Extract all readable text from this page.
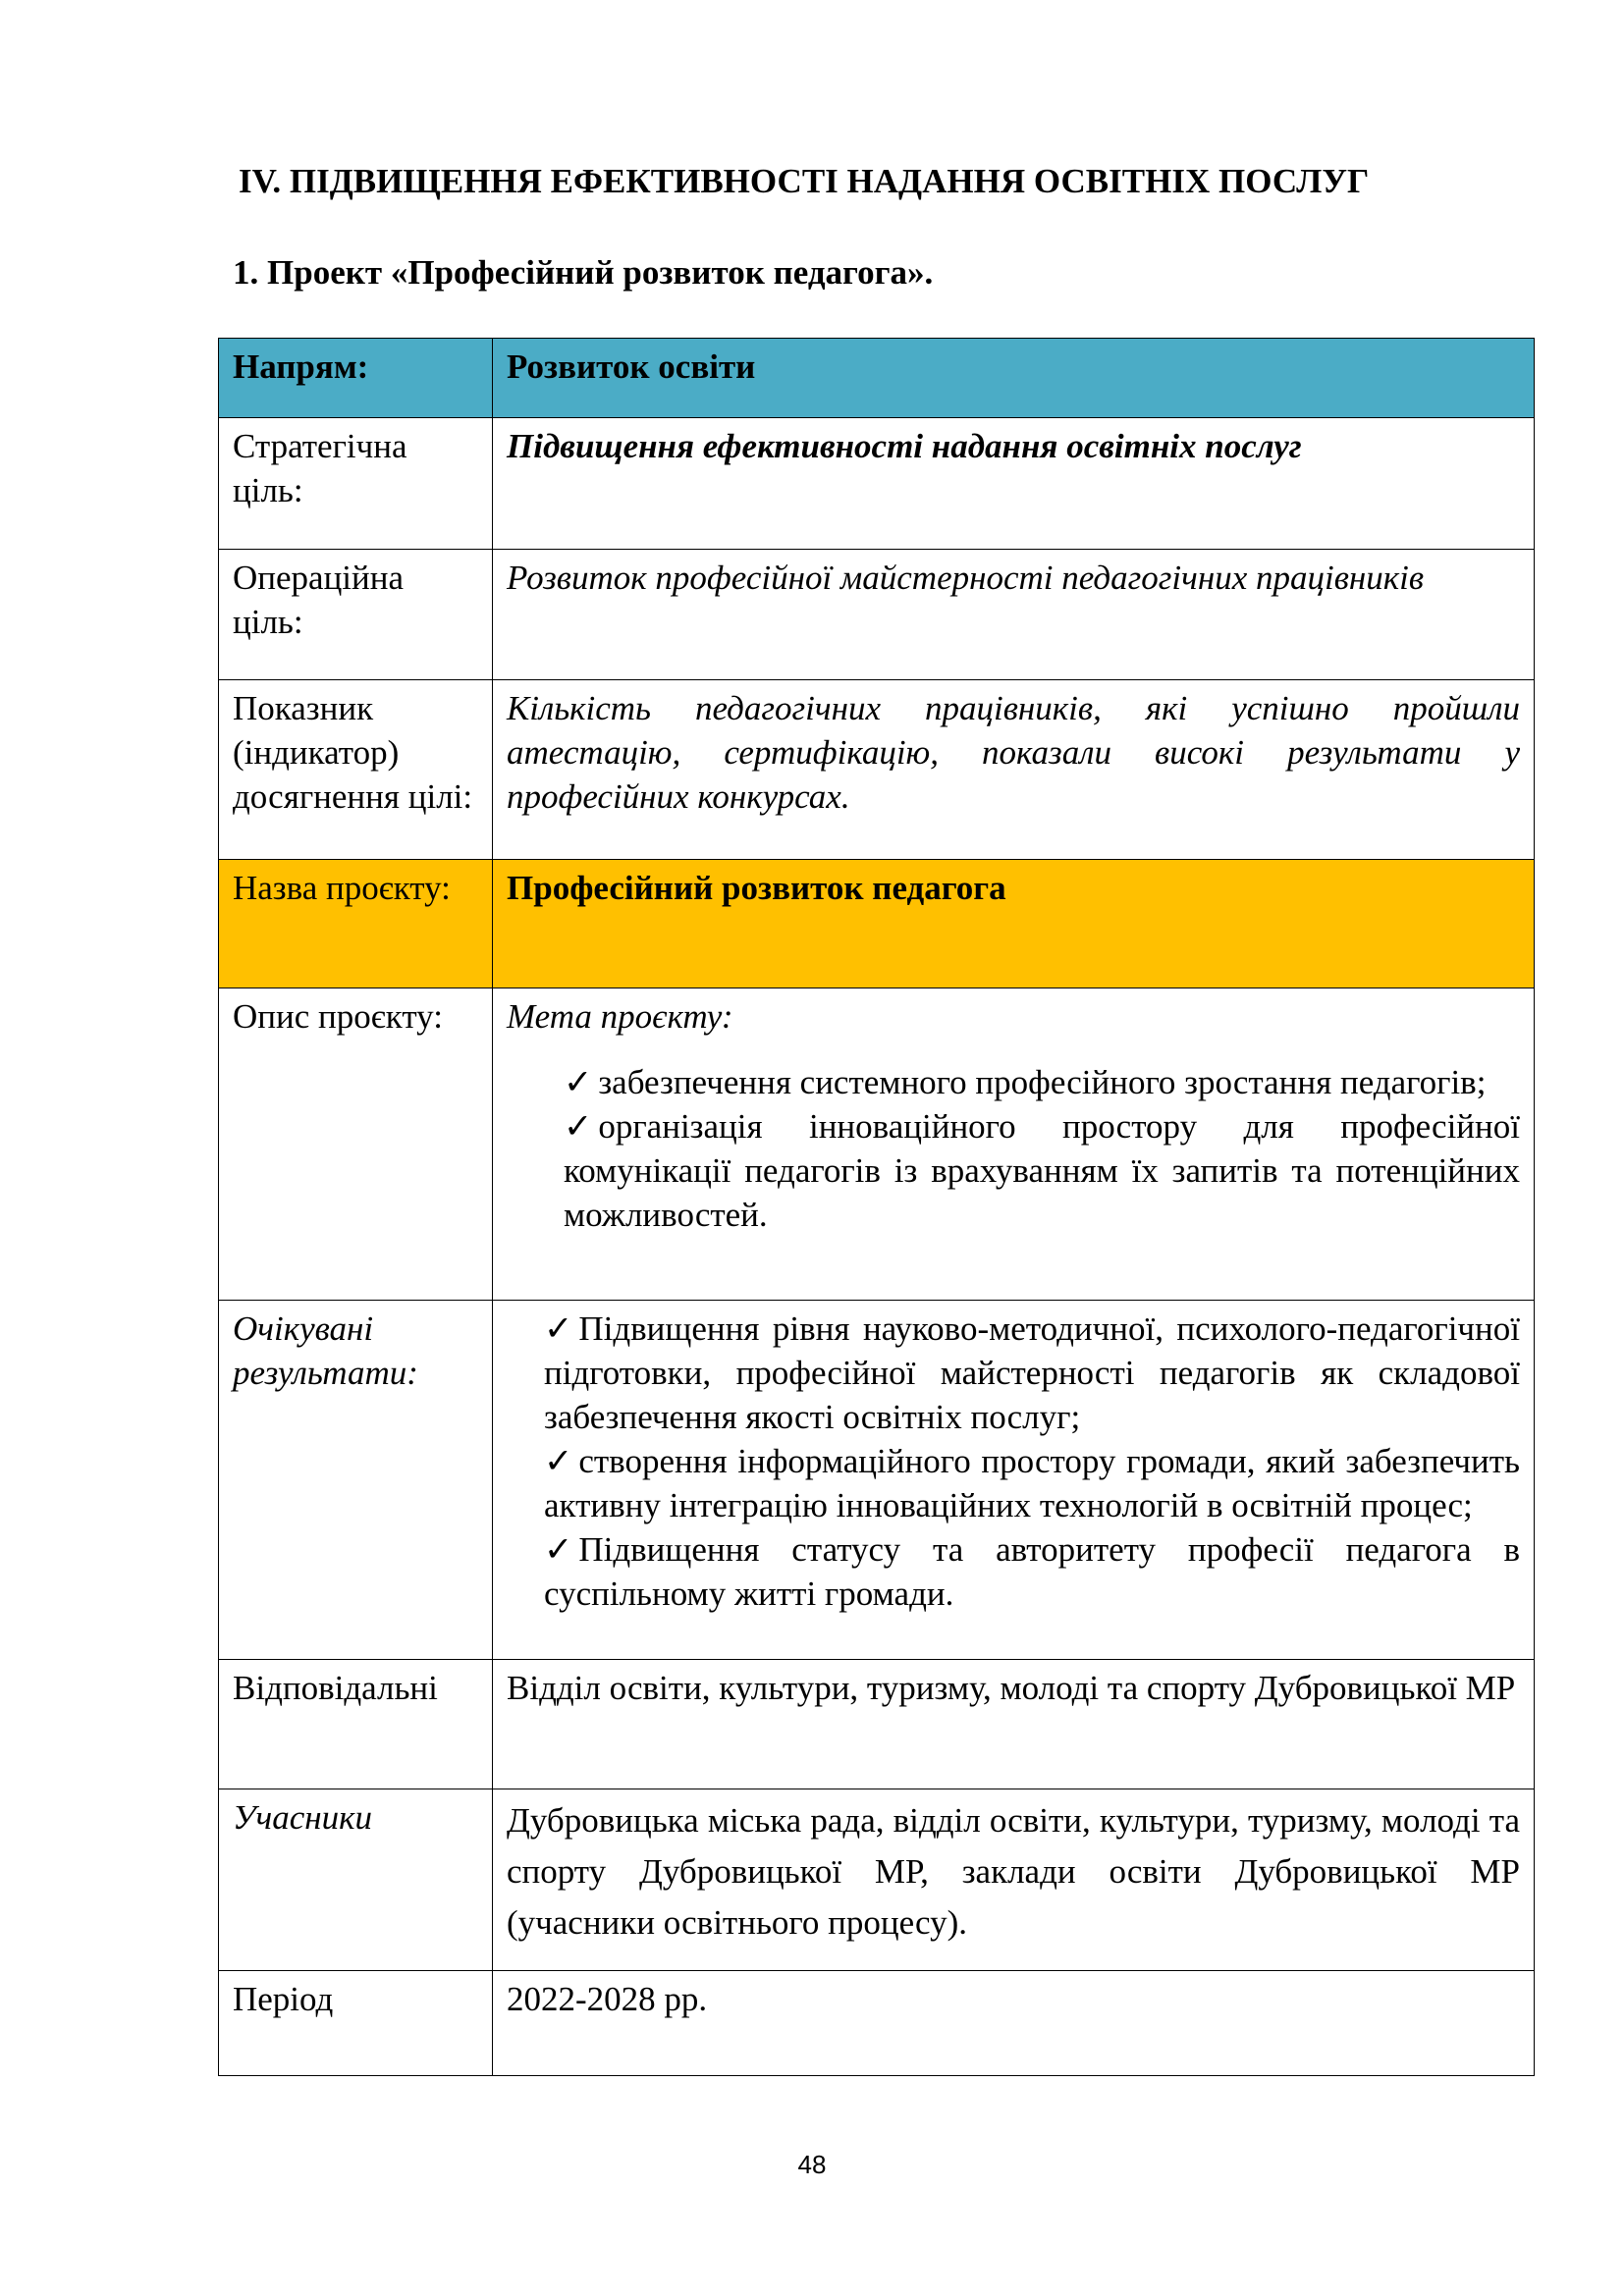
IV. ПІДВИЩЕННЯ ЕФЕКТИВНОСТІ НАДАННЯ ОСВІТНІХ ПОСЛУГ
1. Проект «Професійний розвиток педагога».
Напрям:	Розвиток освіти
Стратегічна ціль:	Підвищення ефективності надання освітніх послуг
Операційна ціль:	Розвиток професійної майстерності педагогічних працівників
Показник (індикатор) досягнення цілі:	Кількість педагогічних працівників, які успішно пройшли атестацію, сертифікацію, показали високі результати у професійних конкурсах.
Назва проєкту:	Професійний розвиток педагога
Опис проєкту:	Мета проєкту:

✓ забезпечення системного професійного зростання педагогів;

✓ організація інноваційного простору для професійної комунікації педагогів із врахуванням їх запитів та потенційних можливостей.

Очікувані результати:	✓ Підвищення рівня науково-методичної, психолого-педагогічної підготовки, професійної майстерності педагогів як складової забезпечення якості освітніх послуг;

✓ створення інформаційного простору громади, який забезпечить активну інтеграцію інноваційних технологій в освітній процес;

✓ Підвищення статусу та авторитету професії педагога в суспільному житті громади.

Відповідальні	Відділ освіти, культури, туризму, молоді та спорту Дубровицької МР
Учасники	Дубровицька міська рада, відділ освіти, культури, туризму, молоді та спорту Дубровицької МР, заклади освіти Дубровицької МР (учасники освітнього процесу).
Період	2022-2028 рр.
48
